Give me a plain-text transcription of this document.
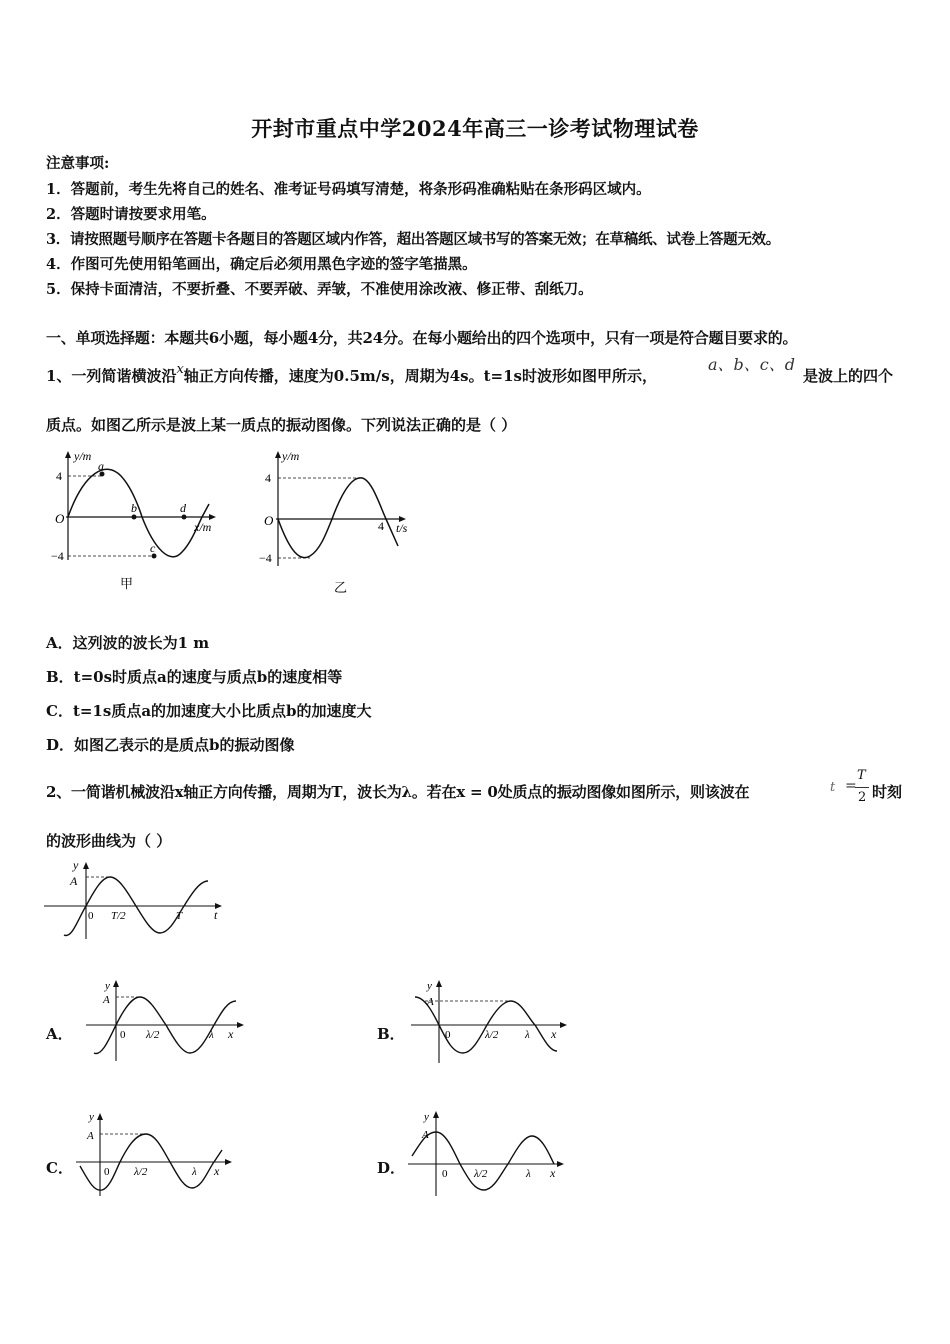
开封市重点中学2024年高三一诊考试物理试卷
注意事项:
1．答题前，考生先将自己的姓名、准考证号码填写清楚，将条形码准确粘贴在条形码区域内。
2．答题时请按要求用笔。
3．请按照题号顺序在答题卡各题目的答题区域内作答，超出答题区域书写的答案无效；在草稿纸、试卷上答题无效。
4．作图可先使用铅笔画出，确定后必须用黑色字迹的签字笔描黑。
5．保持卡面清洁，不要折叠、不要弄破、弄皱，不准使用涂改液、修正带、刮纸刀。
一、单项选择题：本题共6小题，每小题4分，共24分。在每小题给出的四个选项中，只有一项是符合题目要求的。
1、一列简谐横波沿x轴正方向传播，速度为0.5m/s，周期为4s。t=1s时波形如图甲所示，
a、b、c、d
是波上的四个
质点。如图乙所示是波上某一质点的振动图像。下列说法正确的是（ ）
y/m
4
−4
O
x/m
a
b
c
d
甲
y/m
4
−4
O	4 t/s
乙
A．这列波的波长为1 m
B．t=0s时质点a的速度与质点b的速度相等
C．t=1s质点a的加速度大小比质点b的加速度大
D．如图乙表示的是质点b的振动图像
2、一简谐机械波沿x轴正方向传播，周期为T，波长为λ。若在x = 0处质点的振动图像如图所示，则该波在	t =
T
2 时刻
的波形曲线为（ ）
y
A
0 T/2	T	t
A．
y
A
0 λ/2	λ x	B．
y
A
0	λ/2 λ x
C．
y
A
0 λ/2	λ x	D．
y
A
0 λ/2	λ x
